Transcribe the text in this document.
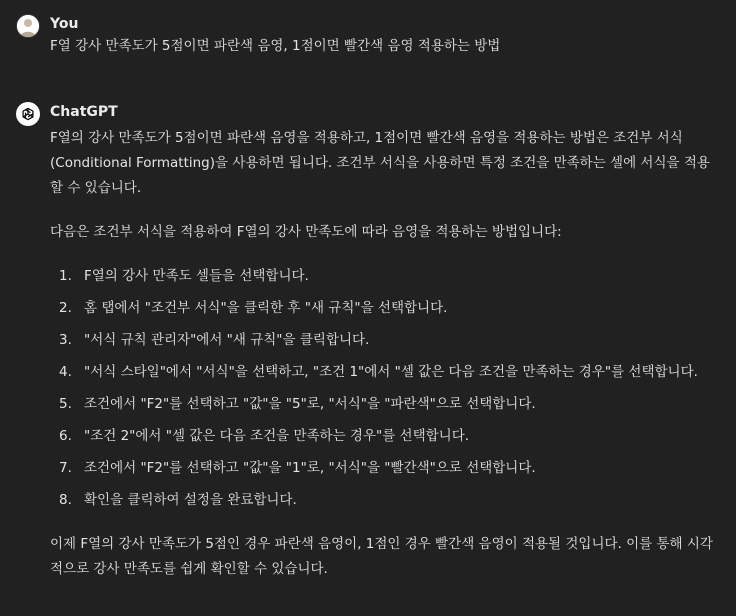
You
F열 강사 만족도가 5점이면 파란색 음영, 1점이면 빨간색 음영 적용하는 방법
ChatGPT

F열의 강사 만족도가 5점이면 파란색 음영을 적용하고, 1점이면 빨간색 음영을 적용하는 방법은 조건부 서식(Conditional Formatting)을 사용하면 됩니다. 조건부 서식을 사용하면 특정 조건을 만족하는 셀에 서식을 적용할 수 있습니다.

다음은 조건부 서식을 적용하여 F열의 강사 만족도에 따라 음영을 적용하는 방법입니다:

1. F열의 강사 만족도 셀들을 선택합니다.
2. 홈 탭에서 "조건부 서식"을 클릭한 후 "새 규칙"을 선택합니다.
3. "서식 규칙 관리자"에서 "새 규칙"을 클릭합니다.
4. "서식 스타일"에서 "서식"을 선택하고, "조건 1"에서 "셀 값은 다음 조건을 만족하는 경우"를 선택합니다.
5. 조건에서 "F2"를 선택하고 "값"을 "5"로, "서식"을 "파란색"으로 선택합니다.
6. "조건 2"에서 "셀 값은 다음 조건을 만족하는 경우"를 선택합니다.
7. 조건에서 "F2"를 선택하고 "값"을 "1"로, "서식"을 "빨간색"으로 선택합니다.
8. 확인을 클릭하여 설정을 완료합니다.

이제 F열의 강사 만족도가 5점인 경우 파란색 음영이, 1점인 경우 빨간색 음영이 적용될 것입니다. 이를 통해 시각적으로 강사 만족도를 쉽게 확인할 수 있습니다.
